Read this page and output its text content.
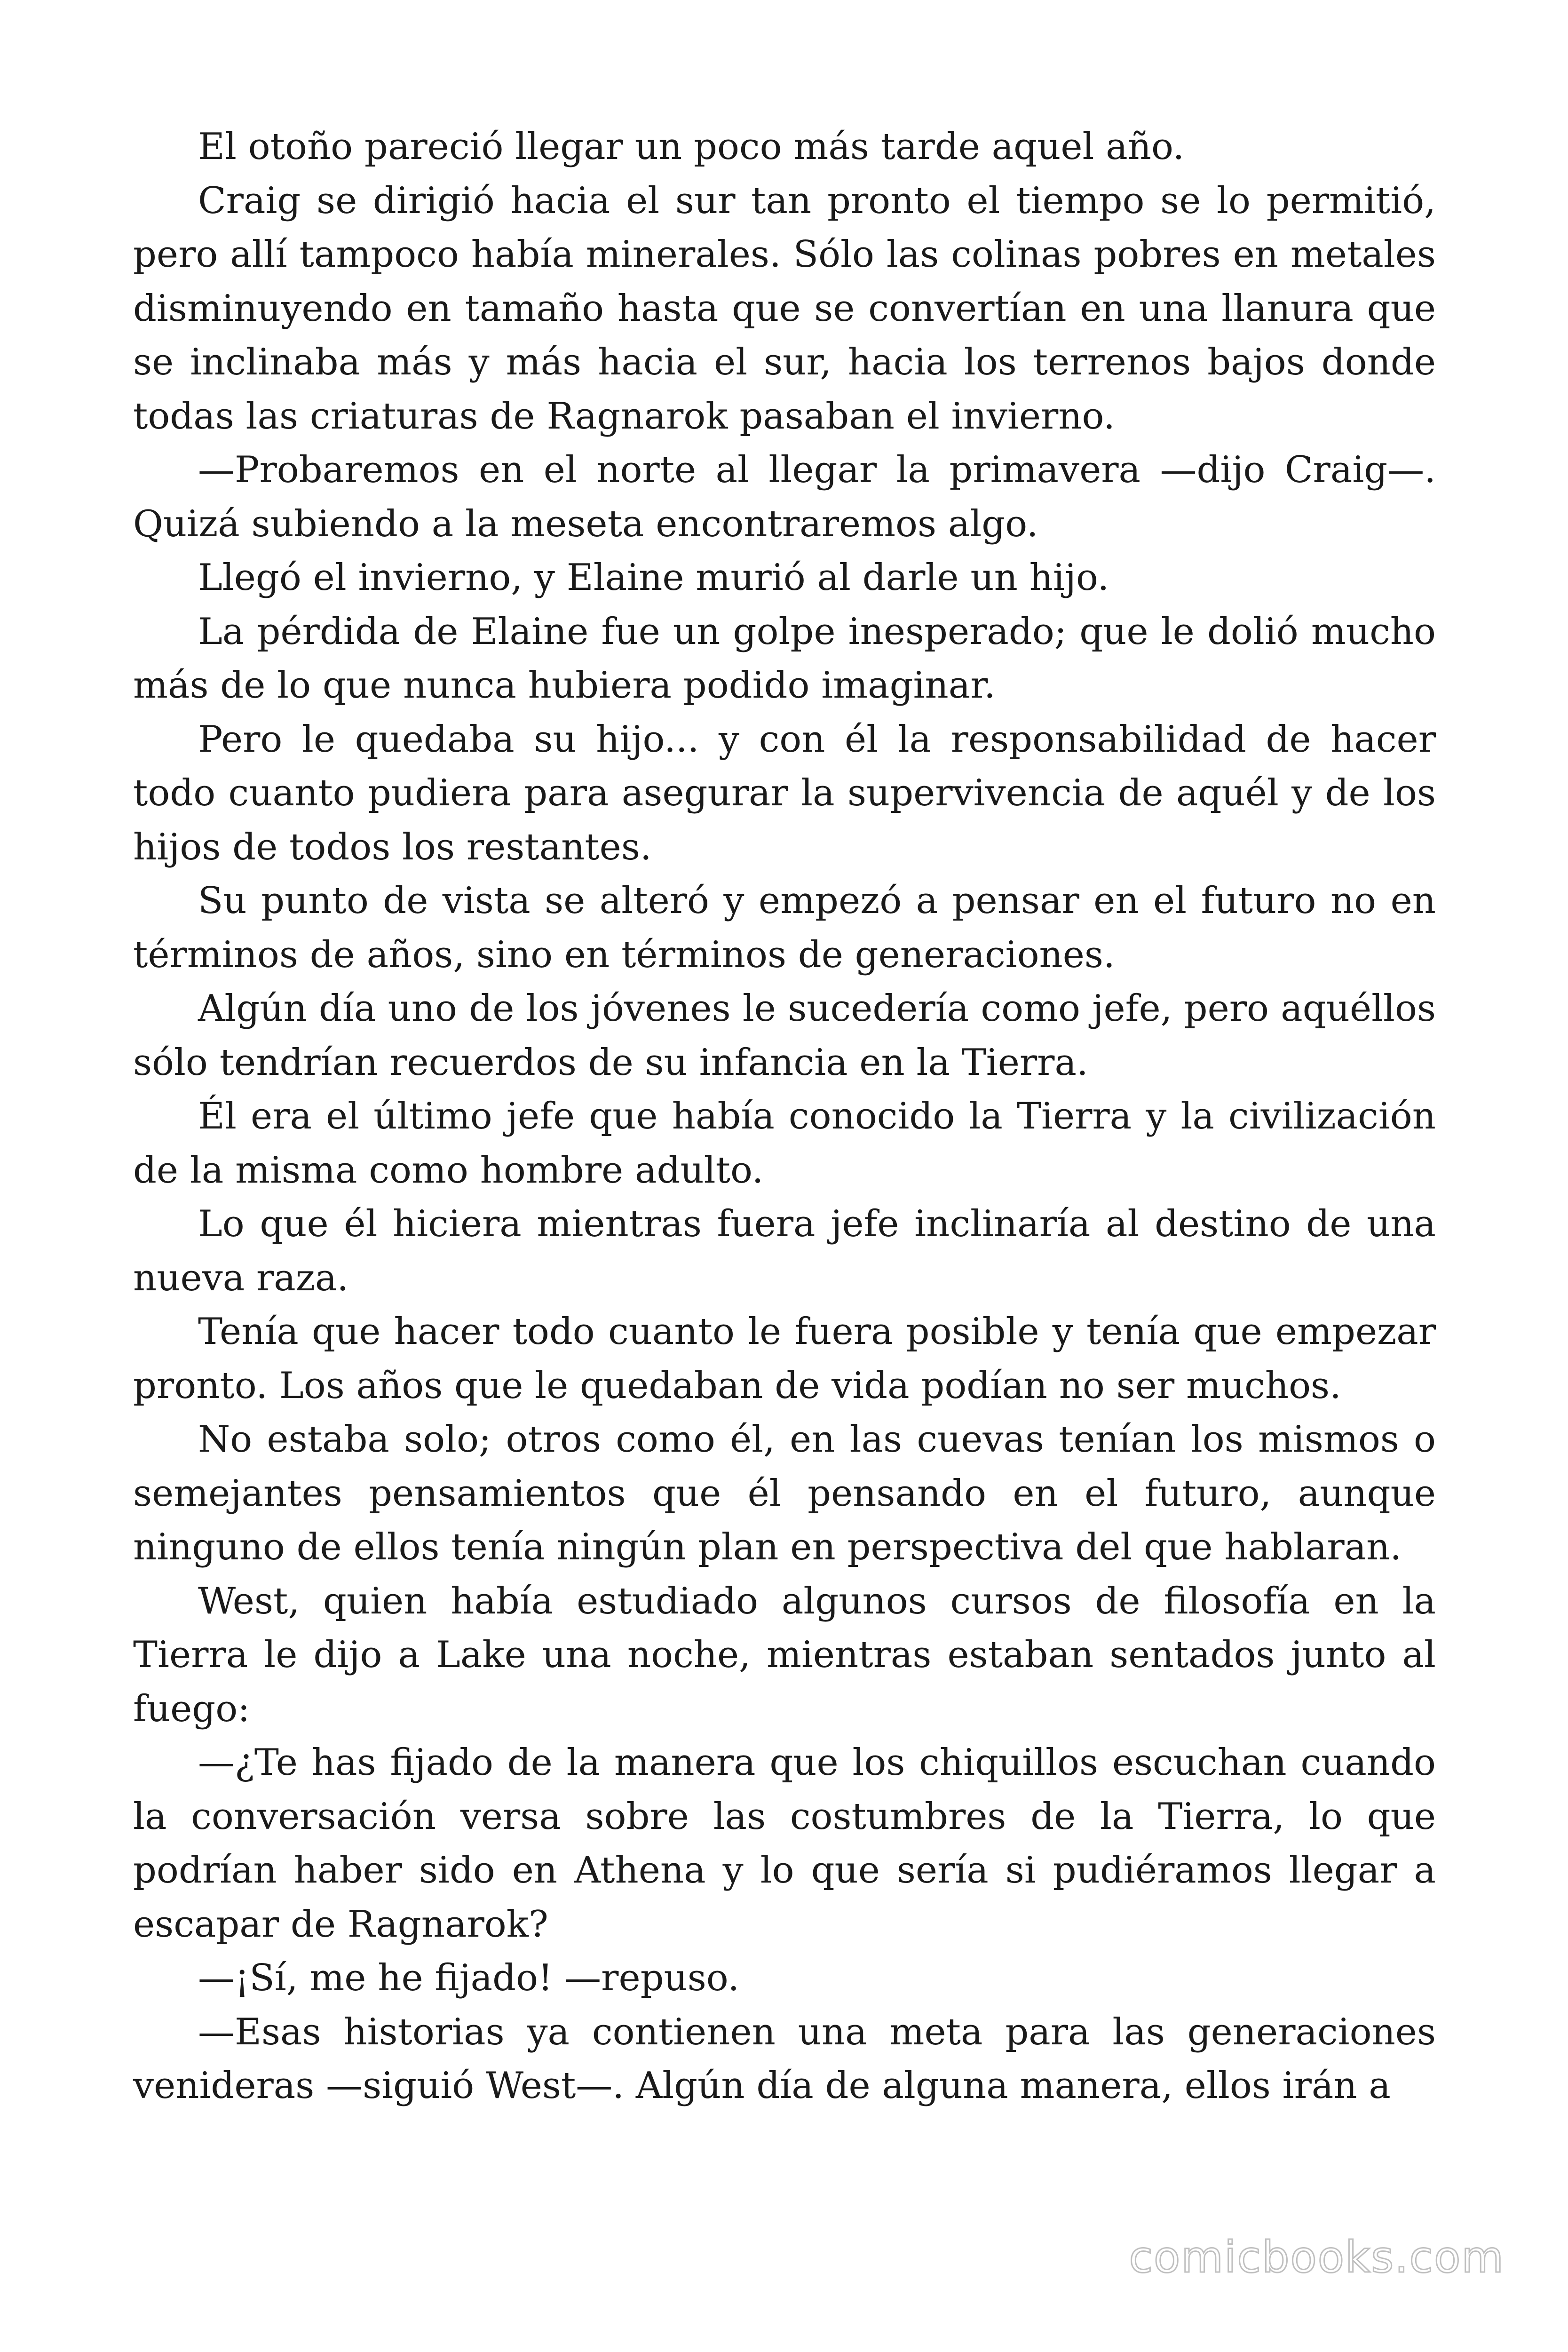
El otoño pareció llegar un poco más tarde aquel año.

Craig se dirigió hacia el sur tan pronto el tiempo se lo permitió, pero allí tampoco había minerales. Sólo las colinas pobres en metales disminuyendo en tamaño hasta que se convertían en una llanura que se inclinaba más y más hacia el sur, hacia los terrenos bajos donde todas las criaturas de Ragnarok pasaban el invierno.

—Probaremos en el norte al llegar la primavera —dijo Craig—. Quizá subiendo a la meseta encontraremos algo.

Llegó el invierno, y Elaine murió al darle un hijo.

La pérdida de Elaine fue un golpe inesperado; que le dolió mucho más de lo que nunca hubiera podido imaginar.

Pero le quedaba su hijo... y con él la responsabilidad de hacer todo cuanto pudiera para asegurar la supervivencia de aquél y de los hijos de todos los restantes.

Su punto de vista se alteró y empezó a pensar en el futuro no en términos de años, sino en términos de generaciones.

Algún día uno de los jóvenes le sucedería como jefe, pero aquéllos sólo tendrían recuerdos de su infancia en la Tierra.

Él era el último jefe que había conocido la Tierra y la civilización de la misma como hombre adulto.

Lo que él hiciera mientras fuera jefe inclinaría al destino de una nueva raza.

Tenía que hacer todo cuanto le fuera posible y tenía que empezar pronto. Los años que le quedaban de vida podían no ser muchos.

No estaba solo; otros como él, en las cuevas tenían los mismos o semejantes pensamientos que él pensando en el futuro, aunque ninguno de ellos tenía ningún plan en perspectiva del que hablaran.

West, quien había estudiado algunos cursos de filosofía en la Tierra le dijo a Lake una noche, mientras estaban sentados junto al fuego:

—¿Te has fijado de la manera que los chiquillos escuchan cuando la conversación versa sobre las costumbres de la Tierra, lo que podrían haber sido en Athena y lo que sería si pudiéramos llegar a escapar de Ragnarok?

—¡Sí, me he fijado! —repuso.

—Esas historias ya contienen una meta para las generaciones venideras —siguió West—. Algún día de alguna manera, ellos irán a

comicbooks.com
